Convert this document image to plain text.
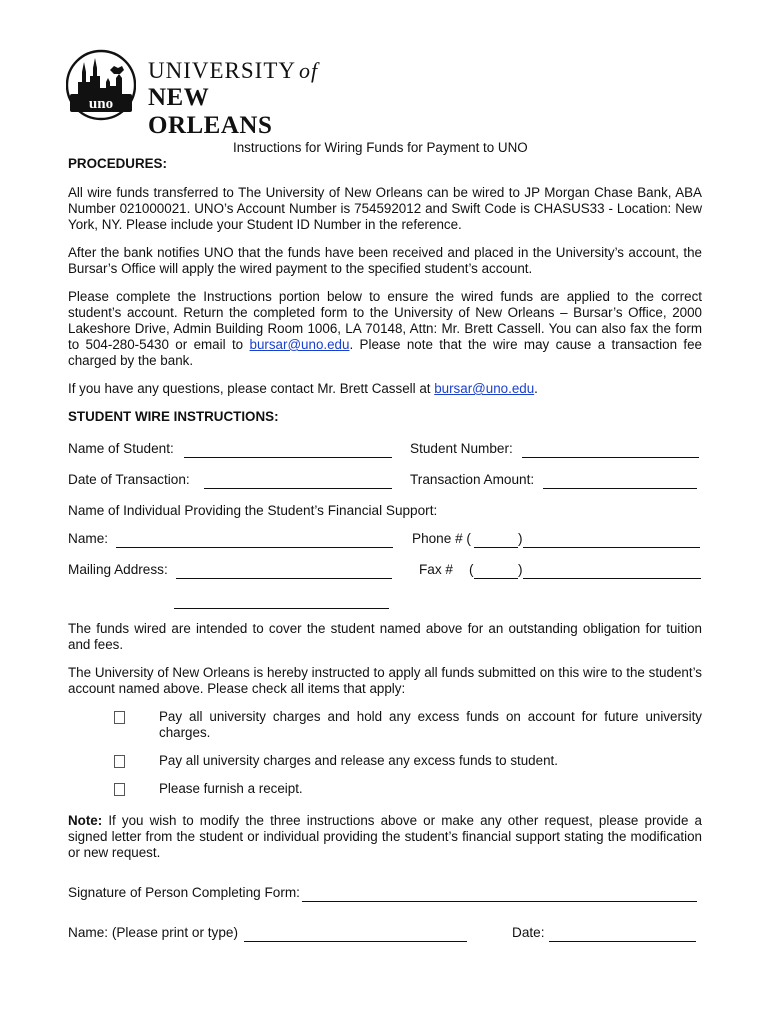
uno
UNIVERSITY of
NEW ORLEANS
Instructions for Wiring Funds for Payment to UNO
PROCEDURES:
All wire funds transferred to The University of New Orleans can be wired to JP Morgan Chase Bank, ABA Number 021000021. UNO’s Account Number is 754592012 and Swift Code is CHASUS33 - Location: New York, NY. Please include your Student ID Number in the reference.
After the bank notifies UNO that the funds have been received and placed in the University’s account, the Bursar’s Office will apply the wired payment to the specified student’s account.
Please complete the Instructions portion below to ensure the wired funds are applied to the correct student’s account. Return the completed form to the University of New Orleans – Bursar’s Office, 2000 Lakeshore Drive, Admin Building Room 1006, LA 70148, Attn: Mr. Brett Cassell. You can also fax the form to 504-280-5430 or email to bursar@uno.edu. Please note that the wire may cause a transaction fee charged by the bank.
If you have any questions, please contact Mr. Brett Cassell at bursar@uno.edu.
STUDENT WIRE INSTRUCTIONS:
Name of Student:	Student Number:
Date of Transaction:	Transaction Amount:
Name of Individual Providing the Student’s Financial Support:
Name:	Phone # (	)
Mailing Address:	Fax # (	)
The funds wired are intended to cover the student named above for an outstanding obligation for tuition and fees.
The University of New Orleans is hereby instructed to apply all funds submitted on this wire to the student’s account named above. Please check all items that apply:
Pay all university charges and hold any excess funds on account for future university charges.
Pay all university charges and release any excess funds to student.
Please furnish a receipt.
Note: If you wish to modify the three instructions above or make any other request, please provide a signed letter from the student or individual providing the student’s financial support stating the modification or new request.
Signature of Person Completing Form:
Name: (Please print or type)	Date:
